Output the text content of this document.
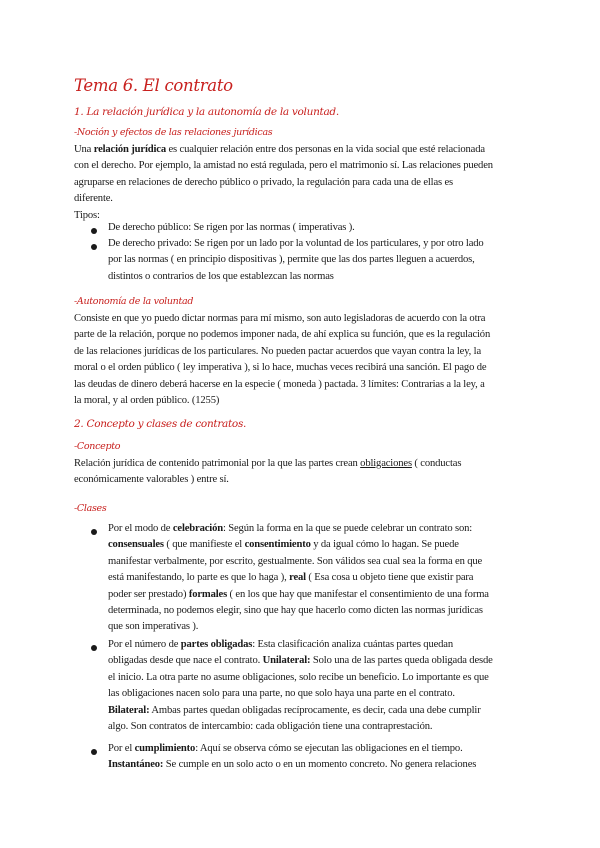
Tema 6. El contrato
1. La relación jurídica y la autonomía de la voluntad.
-Noción y efectos de las relaciones jurídicas

Una relación jurídica es cualquier relación entre dos personas en la vida social que esté relacionada

con el derecho. Por ejemplo, la amistad no está regulada, pero el matrimonio sí. Las relaciones pueden

agruparse en relaciones de derecho público o privado, la regulación para cada una de ellas es

diferente.

Tipos:

De derecho público: Se rigen por las normas ( imperativas ).

De derecho privado: Se rigen por un lado por la voluntad de los particulares, y por otro lado

por las normas ( en principio dispositivas ), permite que las dos partes lleguen a acuerdos,

distintos o contrarios de los que establezcan las normas

-Autonomía de la voluntad

Consiste en que yo puedo dictar normas para mí mismo, son auto legisladoras de acuerdo con la otra

parte de la relación, porque no podemos imponer nada, de ahí explica su función, que es la regulación

de las relaciones jurídicas de los particulares. No pueden pactar acuerdos que vayan contra la ley, la

moral o el orden público ( ley imperativa ), si lo hace, muchas veces recibirá una sanción. El pago de

las deudas de dinero deberá hacerse en la especie ( moneda ) pactada. 3 límites: Contrarias a la ley, a

la moral, y al orden público. (1255)

2. Concepto y clases de contratos.
-Concepto

Relación jurídica de contenido patrimonial por la que las partes crean obligaciones ( conductas

económicamente valorables ) entre sí.

-Clases

Por el modo de celebración: Según la forma en la que se puede celebrar un contrato son:

consensuales ( que manifieste el consentimiento y da igual cómo lo hagan. Se puede

manifestar verbalmente, por escrito, gestualmente. Son válidos sea cual sea la forma en que

está manifestando, lo parte es que lo haga ), real ( Esa cosa u objeto tiene que existir para

poder ser prestado) formales ( en los que hay que manifestar el consentimiento de una forma

determinada, no podemos elegir, sino que hay que hacerlo como dicten las normas jurídicas

que son imperativas ).

Por el número de partes obligadas: Esta clasificación analiza cuántas partes quedan

obligadas desde que nace el contrato. Unilateral: Solo una de las partes queda obligada desde

el inicio. La otra parte no asume obligaciones, solo recibe un beneficio. Lo importante es que

las obligaciones nacen solo para una parte, no que solo haya una parte en el contrato.

Bilateral: Ambas partes quedan obligadas recíprocamente, es decir, cada una debe cumplir

algo. Son contratos de intercambio: cada obligación tiene una contraprestación.

Por el cumplimiento: Aquí se observa cómo se ejecutan las obligaciones en el tiempo.

Instantáneo: Se cumple en un solo acto o en un momento concreto. No genera relaciones
